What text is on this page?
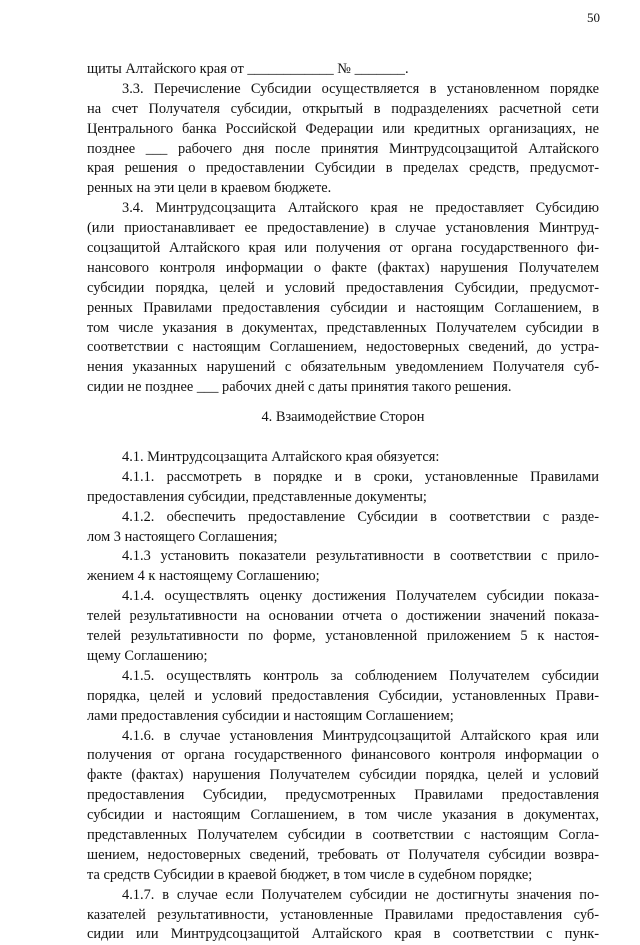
50
щиты Алтайского края от ____________ № _______.
3.3. Перечисление Субсидии осуществляется в установленном порядке
на счет Получателя субсидии, открытый в подразделениях расчетной сети
Центрального банка Российской Федерации или кредитных организациях, не
позднее ___ рабочего дня после принятия Минтрудсоцзащитой Алтайского
края решения о предоставлении Субсидии в пределах средств, предусмот-
ренных на эти цели в краевом бюджете.
3.4. Минтрудсоцзащита Алтайского края не предоставляет Субсидию
(или приостанавливает ее предоставление) в случае установления Минтруд-
соцзащитой Алтайского края или получения от органа государственного фи-
нансового контроля информации о факте (фактах) нарушения Получателем
субсидии порядка, целей и условий предоставления Субсидии, предусмот-
ренных Правилами предоставления субсидии и настоящим Соглашением, в
том числе указания в документах, представленных Получателем субсидии в
соответствии с настоящим Соглашением, недостоверных сведений, до устра-
нения указанных нарушений с обязательным уведомлением Получателя суб-
сидии не позднее ___ рабочих дней с даты принятия такого решения.
4. Взаимодействие Сторон
4.1. Минтрудсоцзащита Алтайского края обязуется:
4.1.1. рассмотреть в порядке и в сроки, установленные Правилами
предоставления субсидии, представленные документы;
4.1.2. обеспечить предоставление Субсидии в соответствии с разде-
лом 3 настоящего Соглашения;
4.1.3 установить показатели результативности в соответствии с прило-
жением 4 к настоящему Соглашению;
4.1.4. осуществлять оценку достижения Получателем субсидии показа-
телей результативности на основании отчета о достижении значений показа-
телей результативности по форме, установленной приложением 5 к настоя-
щему Соглашению;
4.1.5. осуществлять контроль за соблюдением Получателем субсидии
порядка, целей и условий предоставления Субсидии, установленных Прави-
лами предоставления субсидии и настоящим Соглашением;
4.1.6. в случае установления Минтрудсоцзащитой Алтайского края или
получения от органа государственного финансового контроля информации о
факте (фактах) нарушения Получателем субсидии порядка, целей и условий
предоставления Субсидии, предусмотренных Правилами предоставления
субсидии и настоящим Соглашением, в том числе указания в документах,
представленных Получателем субсидии в соответствии с настоящим Согла-
шением, недостоверных сведений, требовать от Получателя субсидии возвра-
та средств Субсидии в краевой бюджет, в том числе в судебном порядке;
4.1.7. в случае если Получателем субсидии не достигнуты значения по-
казателей результативности, установленные Правилами предоставления суб-
сидии или Минтрудсоцзащитой Алтайского края в соответствии с пунк-
